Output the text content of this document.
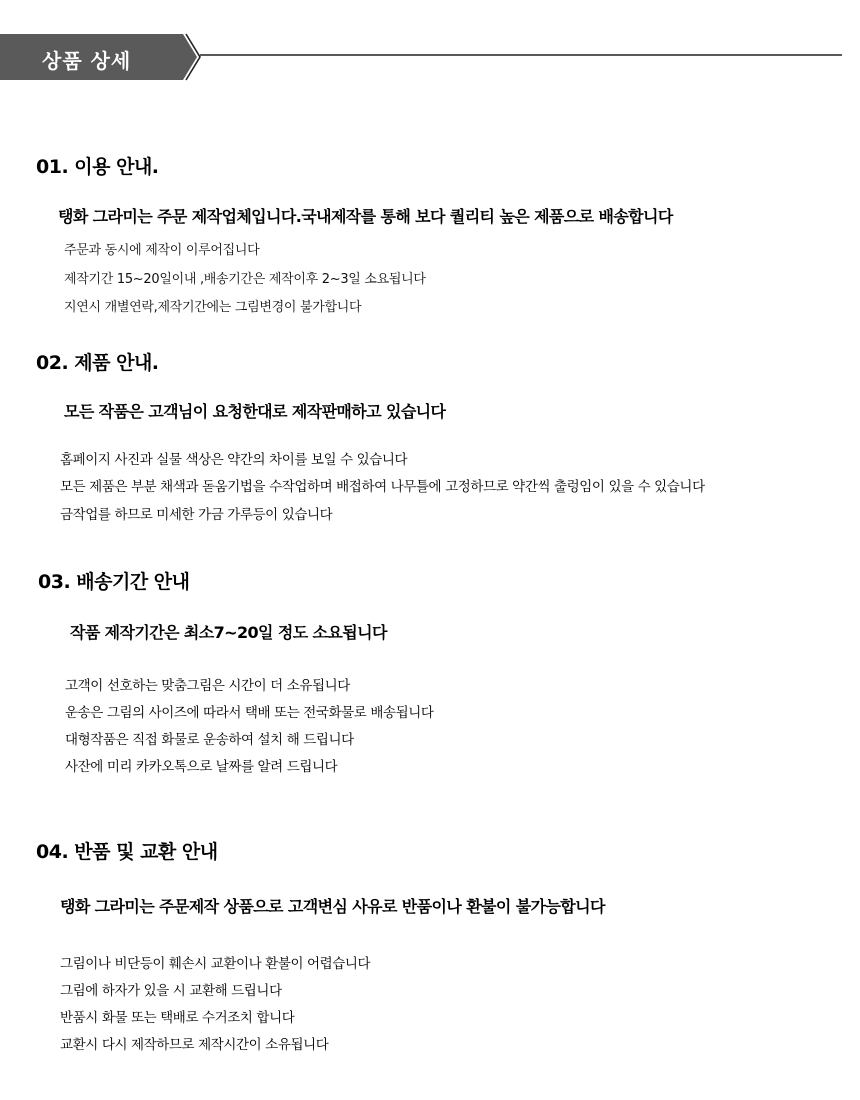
상품 상세
01. 이용 안내.
탱화 그라미는 주문 제작업체입니다.국내제작를 통해 보다 퀄리티 높은 제품으로 배송합니다
주문과 동시에 제작이 이루어집니다
제작기간 15~20일이내 ,배송기간은 제작이후 2~3일 소요됩니다
지연시 개별연락,제작기간에는 그림변경이 불가합니다
02. 제품 안내.
모든 작품은 고객님이 요청한대로 제작판매하고 있습니다
홈페이지 사진과 실물 색상은 약간의 차이를 보일 수 있습니다
모든 제품은 부분 채색과 돋움기법을 수작업하며 배접하여 나무틀에 고정하므로 약간씩 출렁임이 있을 수 있습니다
금작업를 하므로 미세한 가금 가루등이 있습니다
03. 배송기간 안내
작품 제작기간은 최소7~20일 정도 소요됩니다
고객이 선호하는 맞춤그림은 시간이 더 소유됩니다
운송은 그림의 사이즈에 따라서 택배 또는 전국화물로 배송됩니다
대형작품은 직접 화물로 운송하여 설치 해 드립니다
사잔에 미리 카카오톡으로 날짜를 알려 드립니다
04. 반품 및 교환 안내
탱화 그라미는 주문제작 상품으로 고객변심 사유로 반품이나 환불이 불가능합니다
그림이나 비단등이 훼손시 교환이나 환불이 어렵습니다
그림에 하자가 있을 시 교환해 드립니다
반품시 화물 또는 택배로 수거조치 합니다
교환시 다시 제작하므로 제작시간이 소유됩니다
